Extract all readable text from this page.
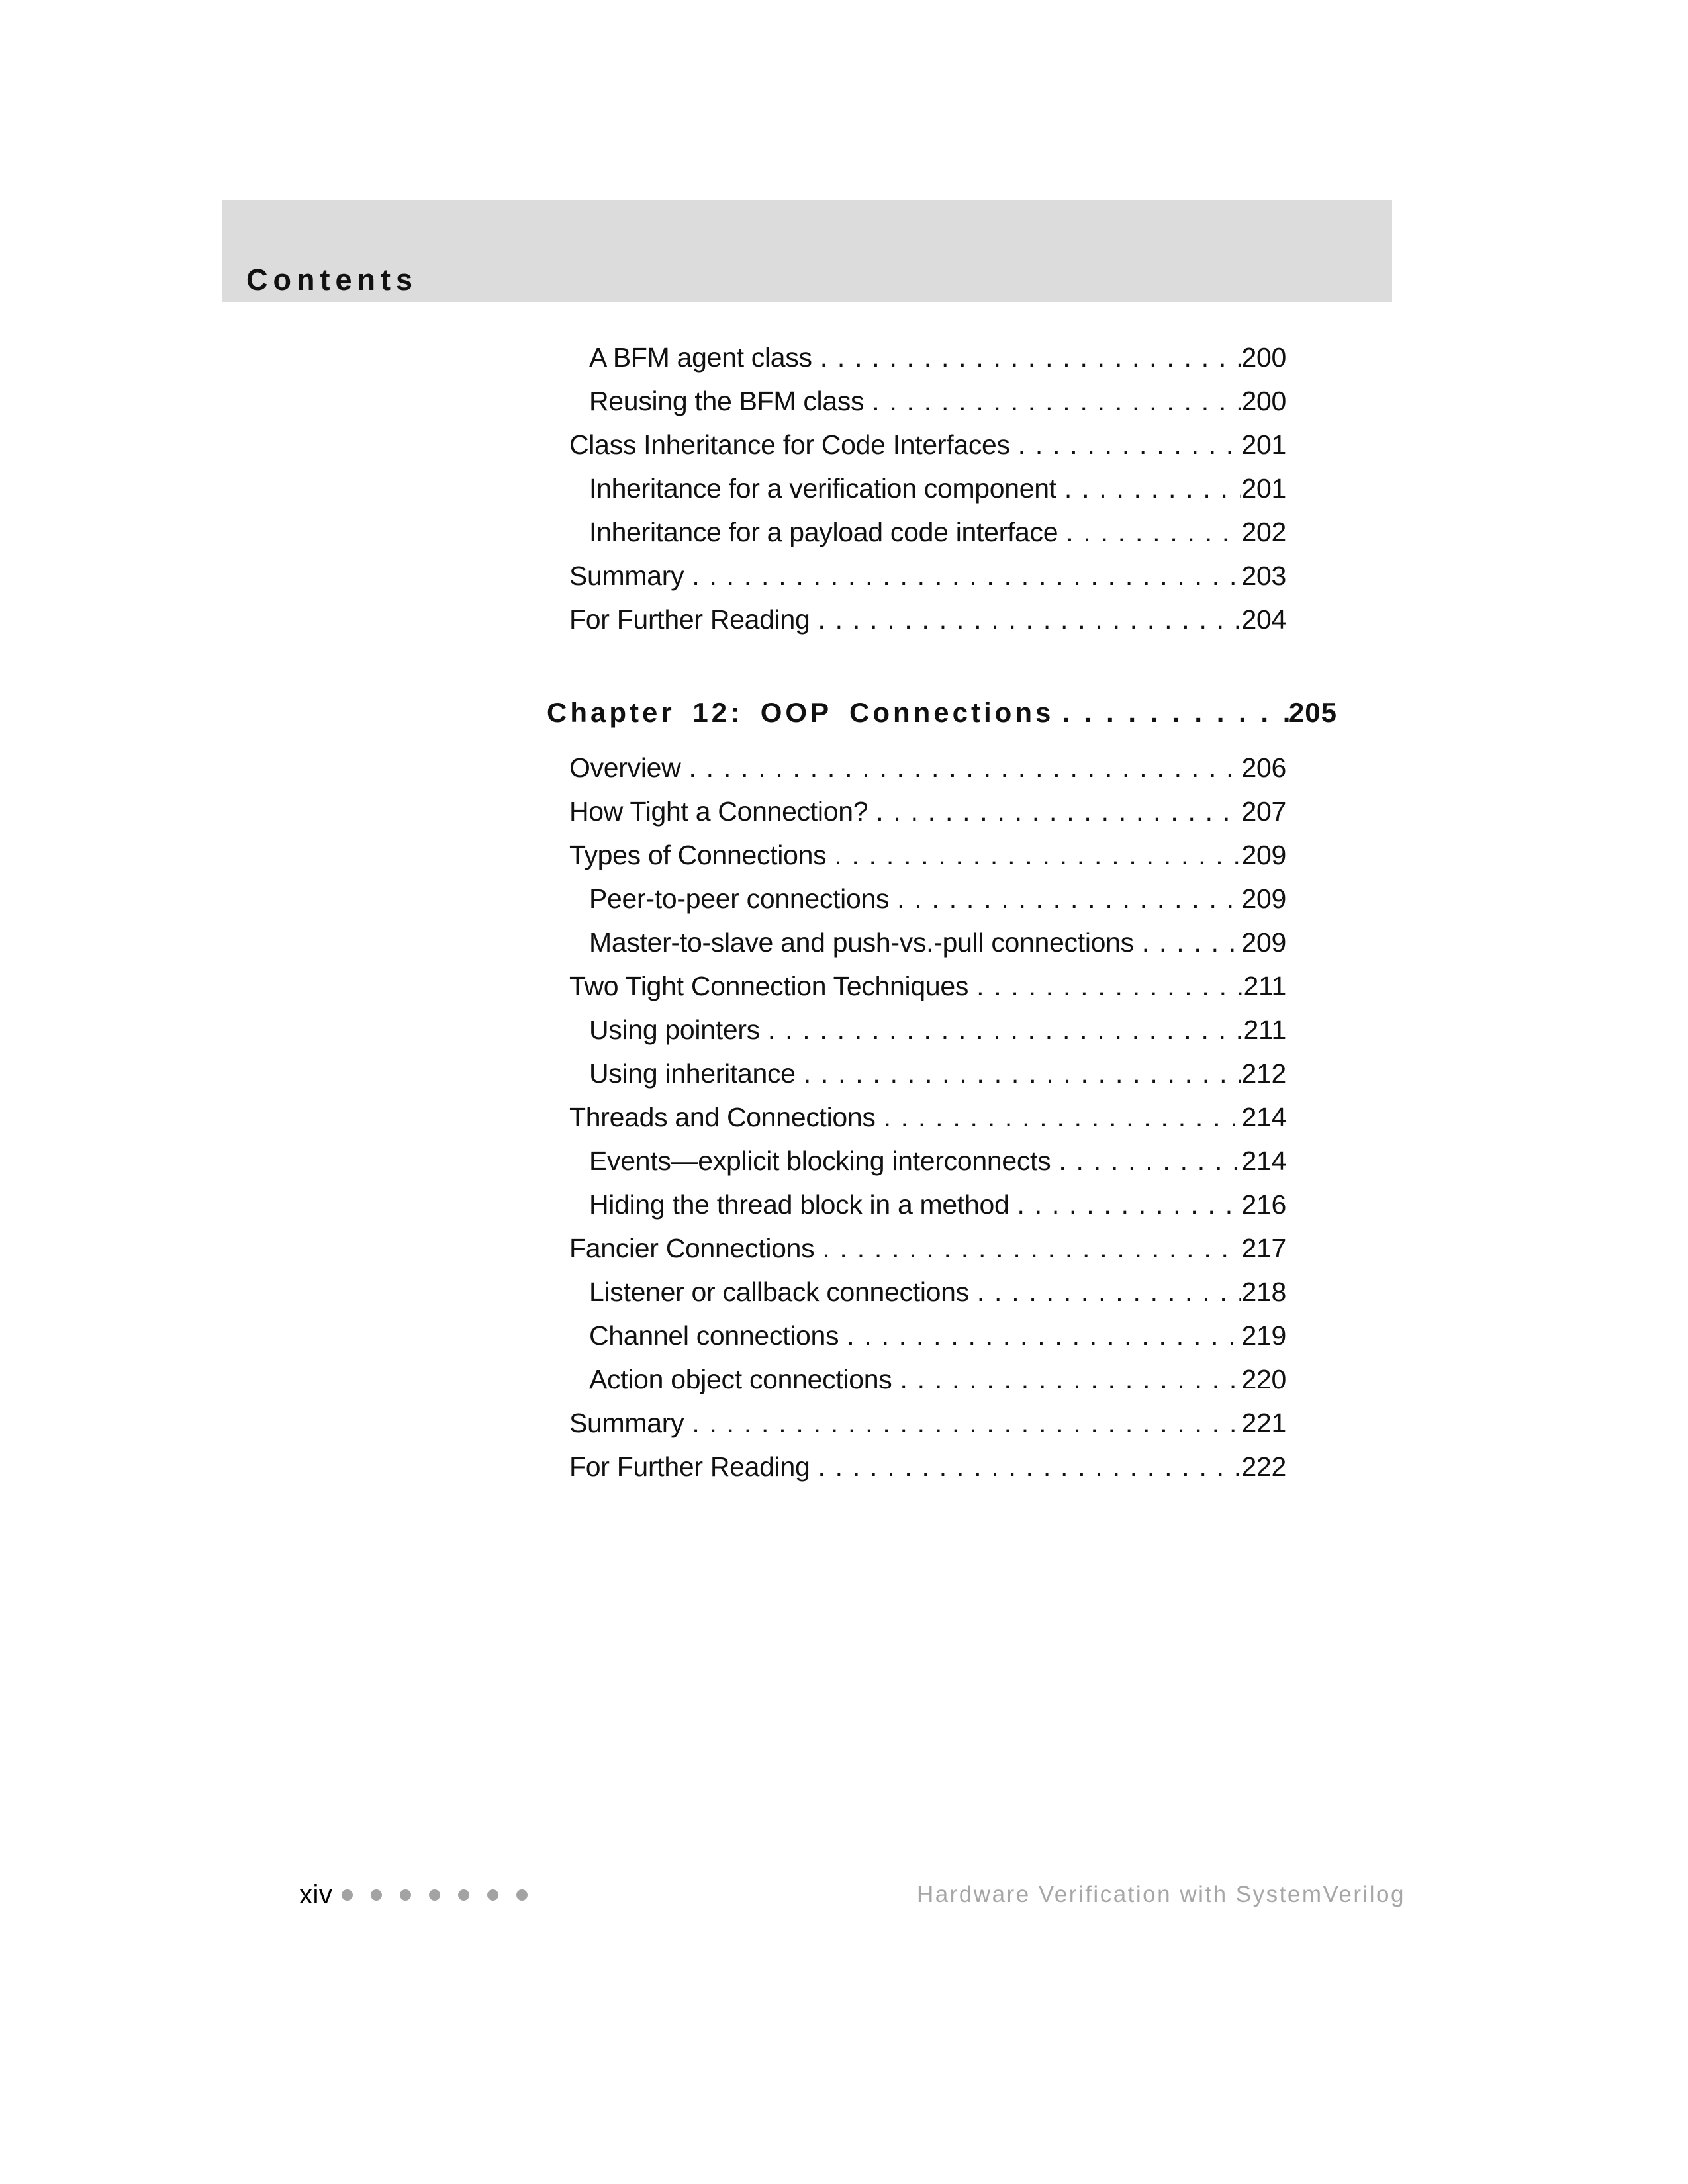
Contents
A BFM agent class . . .	200
Reusing the BFM class . . .	200
Class Inheritance for Code Interfaces . . .	201
Inheritance for a verification component . . .	201
Inheritance for a payload code interface . . .	202
Summary . . .	203
For Further Reading . . .	204
Chapter 12: OOP Connections . . .	205
Overview . . .	206
How Tight a Connection? . . .	207
Types of Connections . . .	209
Peer-to-peer connections . . .	209
Master-to-slave and push-vs.-pull connections . . .	209
Two Tight Connection Techniques . . .	211
Using pointers . . .	211
Using inheritance . . .	212
Threads and Connections . . .	214
Events—explicit blocking interconnects . . .	214
Hiding the thread block in a method . . .	216
Fancier Connections . . .	217
Listener or callback connections . . .	218
Channel connections . . .	219
Action object connections . . .	220
Summary . . .	221
For Further Reading . . .	222
xiv	Hardware Verification with SystemVerilog
